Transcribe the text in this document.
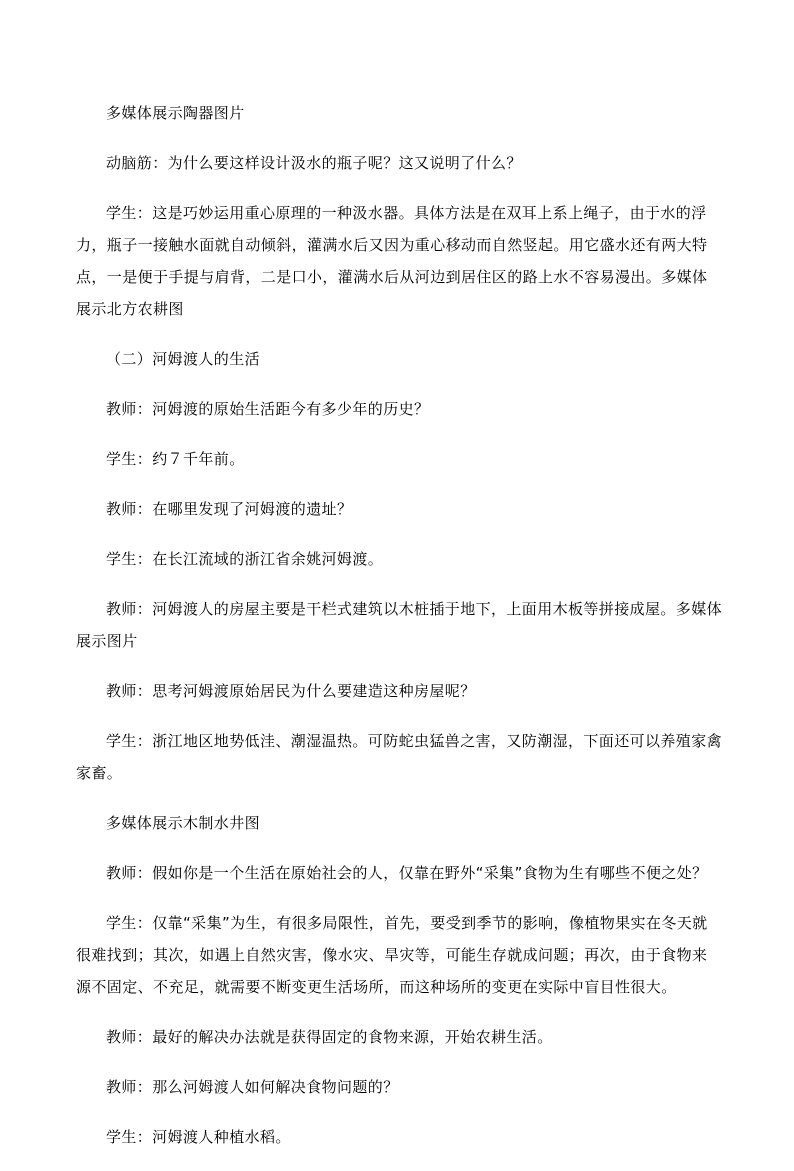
多媒体展示陶器图片

动脑筋：为什么要这样设计汲水的瓶子呢？这又说明了什么？

学生：这是巧妙运用重心原理的一种汲水器。具体方法是在双耳上系上绳子，由于水的浮力，瓶子一接触水面就自动倾斜，灌满水后又因为重心移动而自然竖起。用它盛水还有两大特点，一是便于手提与肩背，二是口小，灌满水后从河边到居住区的路上水不容易漫出。多媒体展示北方农耕图

（二）河姆渡人的生活

教师：河姆渡的原始生活距今有多少年的历史？

学生：约７千年前。

教师：在哪里发现了河姆渡的遗址？

学生：在长江流域的浙江省余姚河姆渡。

教师：河姆渡人的房屋主要是干栏式建筑以木桩插于地下，上面用木板等拼接成屋。多媒体展示图片

教师：思考河姆渡原始居民为什么要建造这种房屋呢？

学生：浙江地区地势低洼、潮湿温热。可防蛇虫猛兽之害，又防潮湿，下面还可以养殖家禽家畜。

多媒体展示木制水井图

教师：假如你是一个生活在原始社会的人，仅靠在野外“采集”食物为生有哪些不便之处？

学生：仅靠“采集”为生，有很多局限性，首先，要受到季节的影响，像植物果实在冬天就很难找到；其次，如遇上自然灾害，像水灾、旱灾等，可能生存就成问题；再次，由于食物来源不固定、不充足，就需要不断变更生活场所，而这种场所的变更在实际中盲目性很大。

教师：最好的解决办法就是获得固定的食物来源，开始农耕生活。

教师：那么河姆渡人如何解决食物问题的？

学生：河姆渡人种植水稻。
